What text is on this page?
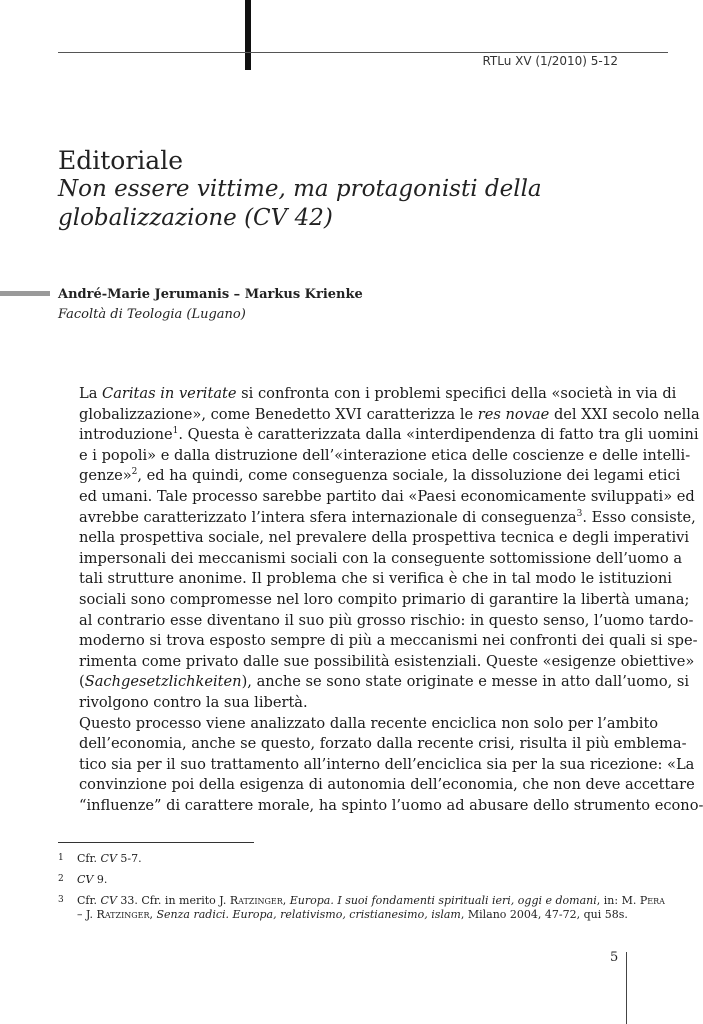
RTLu XV (1/2010) 5-12
Editoriale
Non essere vittime, ma protagonisti della
globalizzazione (CV 42)
André-Marie Jerumanis – Markus Krienke
Facoltà di Teologia (Lugano)

La Caritas in veritate si confronta con i problemi specifici della «società in via di
globalizzazione», come Benedetto XVI caratterizza le res novae del XXI secolo nella
introduzione$^1$. Questa è caratterizzata dalla «interdipendenza di fatto tra gli uomini
e i popoli» e dalla distruzione dell’«interazione etica delle coscienze e delle intelli-
genze»$^2$, ed ha quindi, come conseguenza sociale, la dissoluzione dei legami etici
ed umani. Tale processo sarebbe partito dai «Paesi economicamente sviluppati» ed
avrebbe caratterizzato l’intera sfera internazionale di conseguenza$^3$. Esso consiste,
nella prospettiva sociale, nel prevalere della prospettiva tecnica e degli imperativi
impersonali dei meccanismi sociali con la conseguente sottomissione dell’uomo a
tali strutture anonime. Il problema che si verifica è che in tal modo le istituzioni
sociali sono compromesse nel loro compito primario di garantire la libertà umana;
al contrario esse diventano il suo più grosso rischio: in questo senso, l’uomo tardo-
moderno si trova esposto sempre di più a meccanismi nei confronti dei quali si spe-
rimenta come privato dalle sue possibilità esistenziali. Queste «esigenze obiettive»
(Sachgesetzlichkeiten), anche se sono state originate e messe in atto dall’uomo, si
rivolgono contro la sua libertà.

Questo processo viene analizzato dalla recente enciclica non solo per l’ambito
dell’economia, anche se questo, forzato dalla recente crisi, risulta il più emblema-
tico sia per il suo trattamento all’interno dell’enciclica sia per la sua ricezione: «La
convinzione poi della esigenza di autonomia dell’economia, che non deve accettare
“influenze” di carattere morale, ha spinto l’uomo ad abusare dello strumento econo-

1 Cfr. CV 5-7.
2 CV 9.
3 Cfr. CV 33. Cfr. in merito J. Ratzinger, Europa. I suoi fondamenti spirituali ieri, oggi e domani, in: M. Pera
– J. Ratzinger, Senza radici. Europa, relativismo, cristianesimo, islam, Milano 2004, 47-72, qui 58s.
5
